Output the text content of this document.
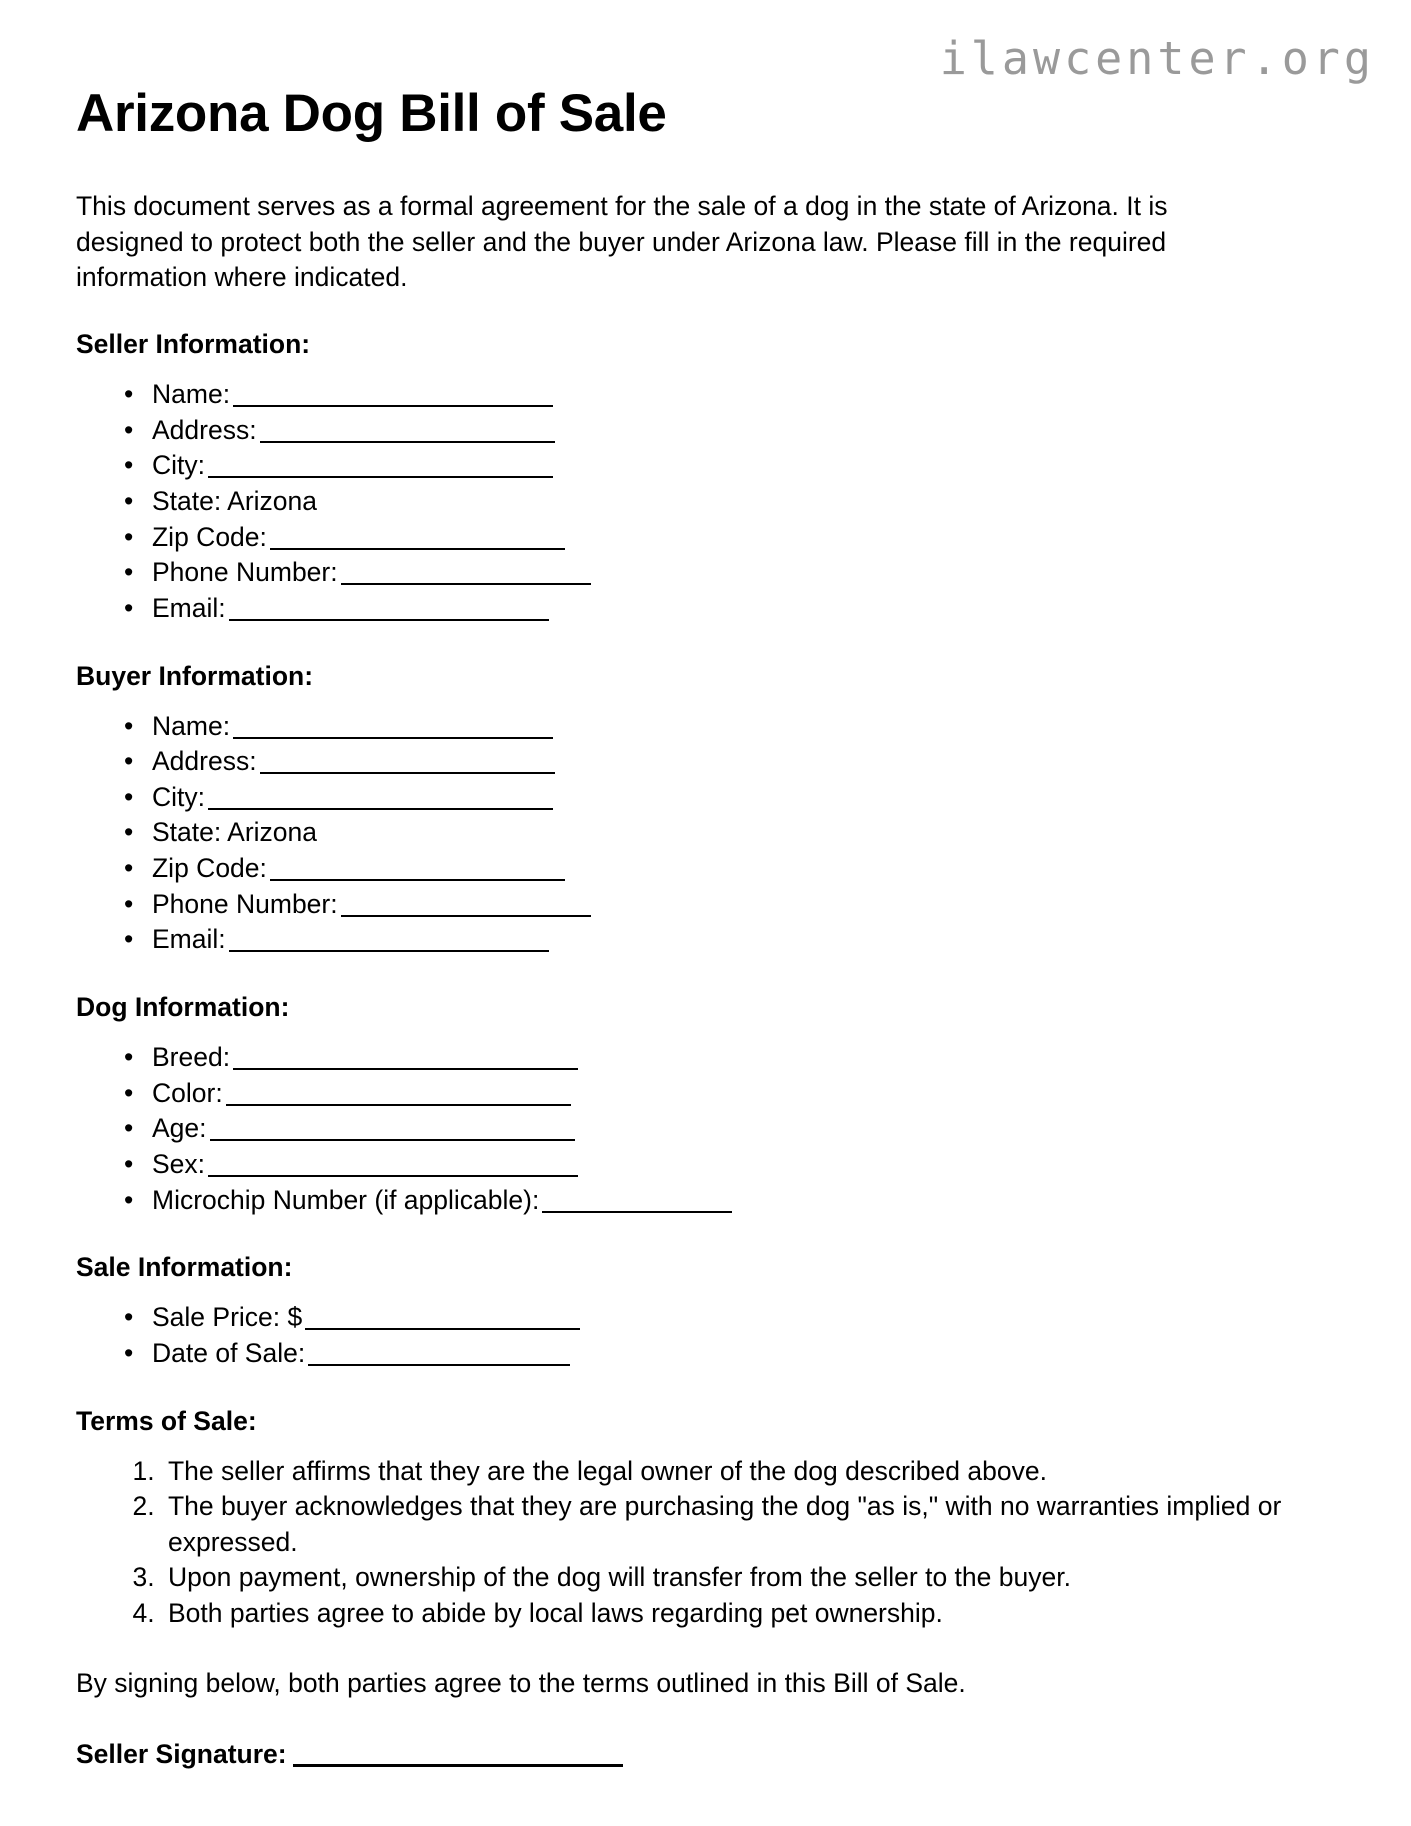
ilawcenter.org
Arizona Dog Bill of Sale

This document serves as a formal agreement for the sale of a dog in the state of Arizona. It is designed to protect both the seller and the buyer under Arizona law. Please fill in the required information where indicated.

Seller Information:
• Name:
• Address:
• City:
• State: Arizona
• Zip Code:
• Phone Number:
• Email:
Buyer Information:
• Name:
• Address:
• City:
• State: Arizona
• Zip Code:
• Phone Number:
• Email:
Dog Information:
• Breed:
• Color:
• Age:
• Sex:
• Microchip Number (if applicable):
Sale Information:
• Sale Price: $
• Date of Sale:
Terms of Sale:
1. The seller affirms that they are the legal owner of the dog described above.
2. The buyer acknowledges that they are purchasing the dog "as is," with no warranties implied or expressed.
3. Upon payment, ownership of the dog will transfer from the seller to the buyer.
4. Both parties agree to abide by local laws regarding pet ownership.

By signing below, both parties agree to the terms outlined in this Bill of Sale.

Seller Signature:
